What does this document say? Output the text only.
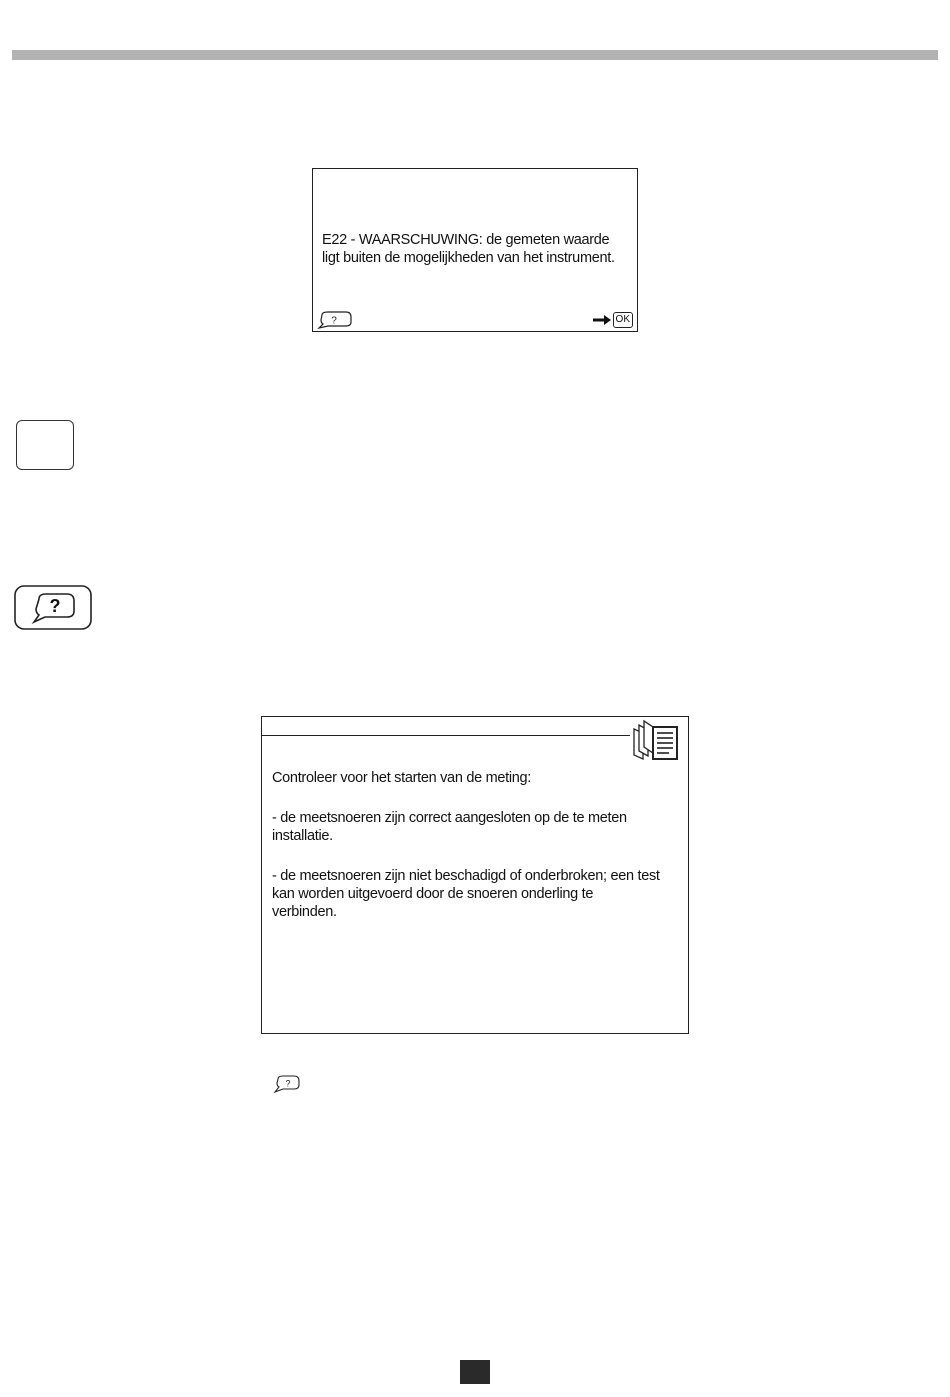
E22 - WAARSCHUWING: de gemeten waarde
ligt buiten de mogelijkheden van het instrument.
?	OK
?

Controleer voor het starten van de meting:

- de meetsnoeren zijn correct aangesloten op de te meten
installatie.

- de meetsnoeren zijn niet beschadigd of onderbroken; een test
kan worden uitgevoerd door de snoeren onderling te
verbinden.

?
